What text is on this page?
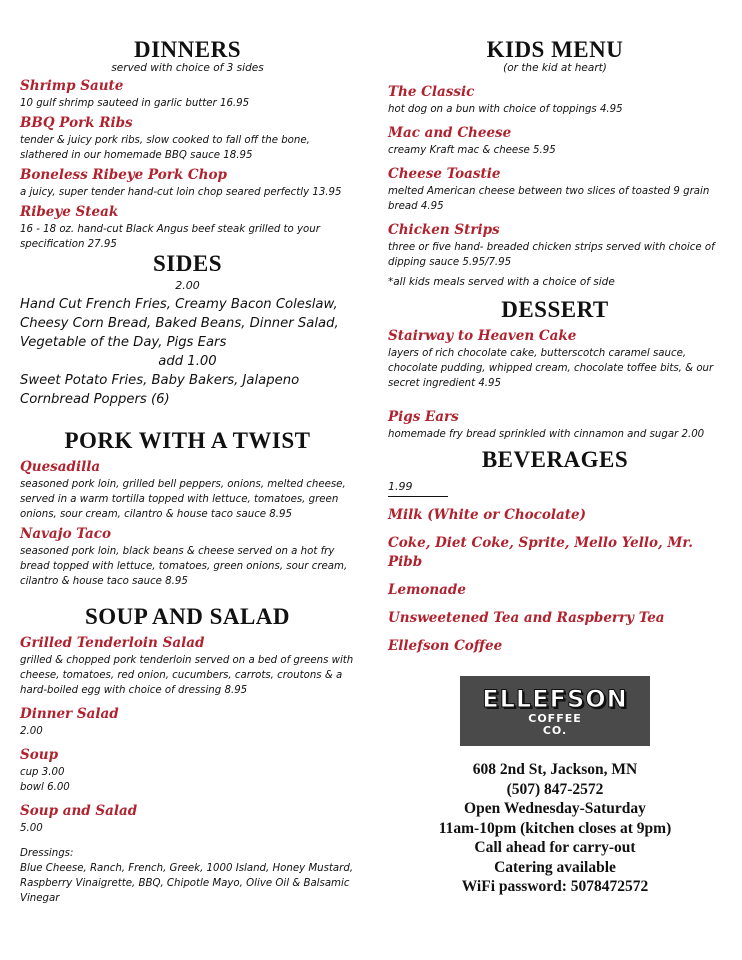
DINNERS
served with choice of 3 sides
Shrimp Saute
10 gulf shrimp sauteed in garlic butter 16.95
BBQ Pork Ribs
tender & juicy pork ribs, slow cooked to fall off the bone, slathered in our homemade BBQ sauce 18.95
Boneless Ribeye Pork Chop
a juicy, super tender hand-cut loin chop seared perfectly 13.95
Ribeye Steak
16 - 18 oz. hand-cut Black Angus beef steak grilled to your specification 27.95
SIDES
2.00

Hand Cut French Fries, Creamy Bacon Coleslaw, Cheesy Corn Bread, Baked Beans, Dinner Salad, Vegetable of the Day, Pigs Ears

add 1.00

Sweet Potato Fries, Baby Bakers, Jalapeno Cornbread Poppers (6)

PORK WITH A TWIST
Quesadilla
seasoned pork loin, grilled bell peppers, onions, melted cheese, served in a warm tortilla topped with lettuce, tomatoes, green onions, sour cream, cilantro & house taco sauce 8.95
Navajo Taco
seasoned pork loin, black beans & cheese served on a hot fry bread topped with lettuce, tomatoes, green onions, sour cream, cilantro & house taco sauce 8.95
SOUP AND SALAD
Grilled Tenderloin Salad
grilled & chopped pork tenderloin served on a bed of greens with cheese, tomatoes, red onion, cucumbers, carrots, croutons & a hard-boiled egg with choice of dressing 8.95
Dinner Salad
2.00
Soup
cup 3.00
bowl 6.00
Soup and Salad
5.00
Dressings:
Blue Cheese, Ranch, French, Greek, 1000 Island, Honey Mustard, Raspberry Vinaigrette, BBQ, Chipotle Mayo, Olive Oil & Balsamic Vinegar
KIDS MENU
(or the kid at heart)
The Classic
hot dog on a bun with choice of toppings 4.95
Mac and Cheese
creamy Kraft mac & cheese 5.95
Cheese Toastie
melted American cheese between two slices of toasted 9 grain bread 4.95
Chicken Strips
three or five hand- breaded chicken strips served with choice of dipping sauce 5.95/7.95
*all kids meals served with a choice of side
DESSERT
Stairway to Heaven Cake
layers of rich chocolate cake, butterscotch caramel sauce, chocolate pudding, whipped cream, chocolate toffee bits, & our secret ingredient 4.95
Pigs Ears
homemade fry bread sprinkled with cinnamon and sugar 2.00
BEVERAGES
1.99
Milk (White or Chocolate)
Coke, Diet Coke, Sprite, Mello Yello, Mr. Pibb
Lemonade
Unsweetened Tea and Raspberry Tea
Ellefson Coffee
ELLEFSON
COFFEE
CO.

608 2nd St, Jackson, MN

(507) 847-2572

Open Wednesday-Saturday

11am-10pm (kitchen closes at 9pm)

Call ahead for carry-out

Catering available

WiFi password: 5078472572
